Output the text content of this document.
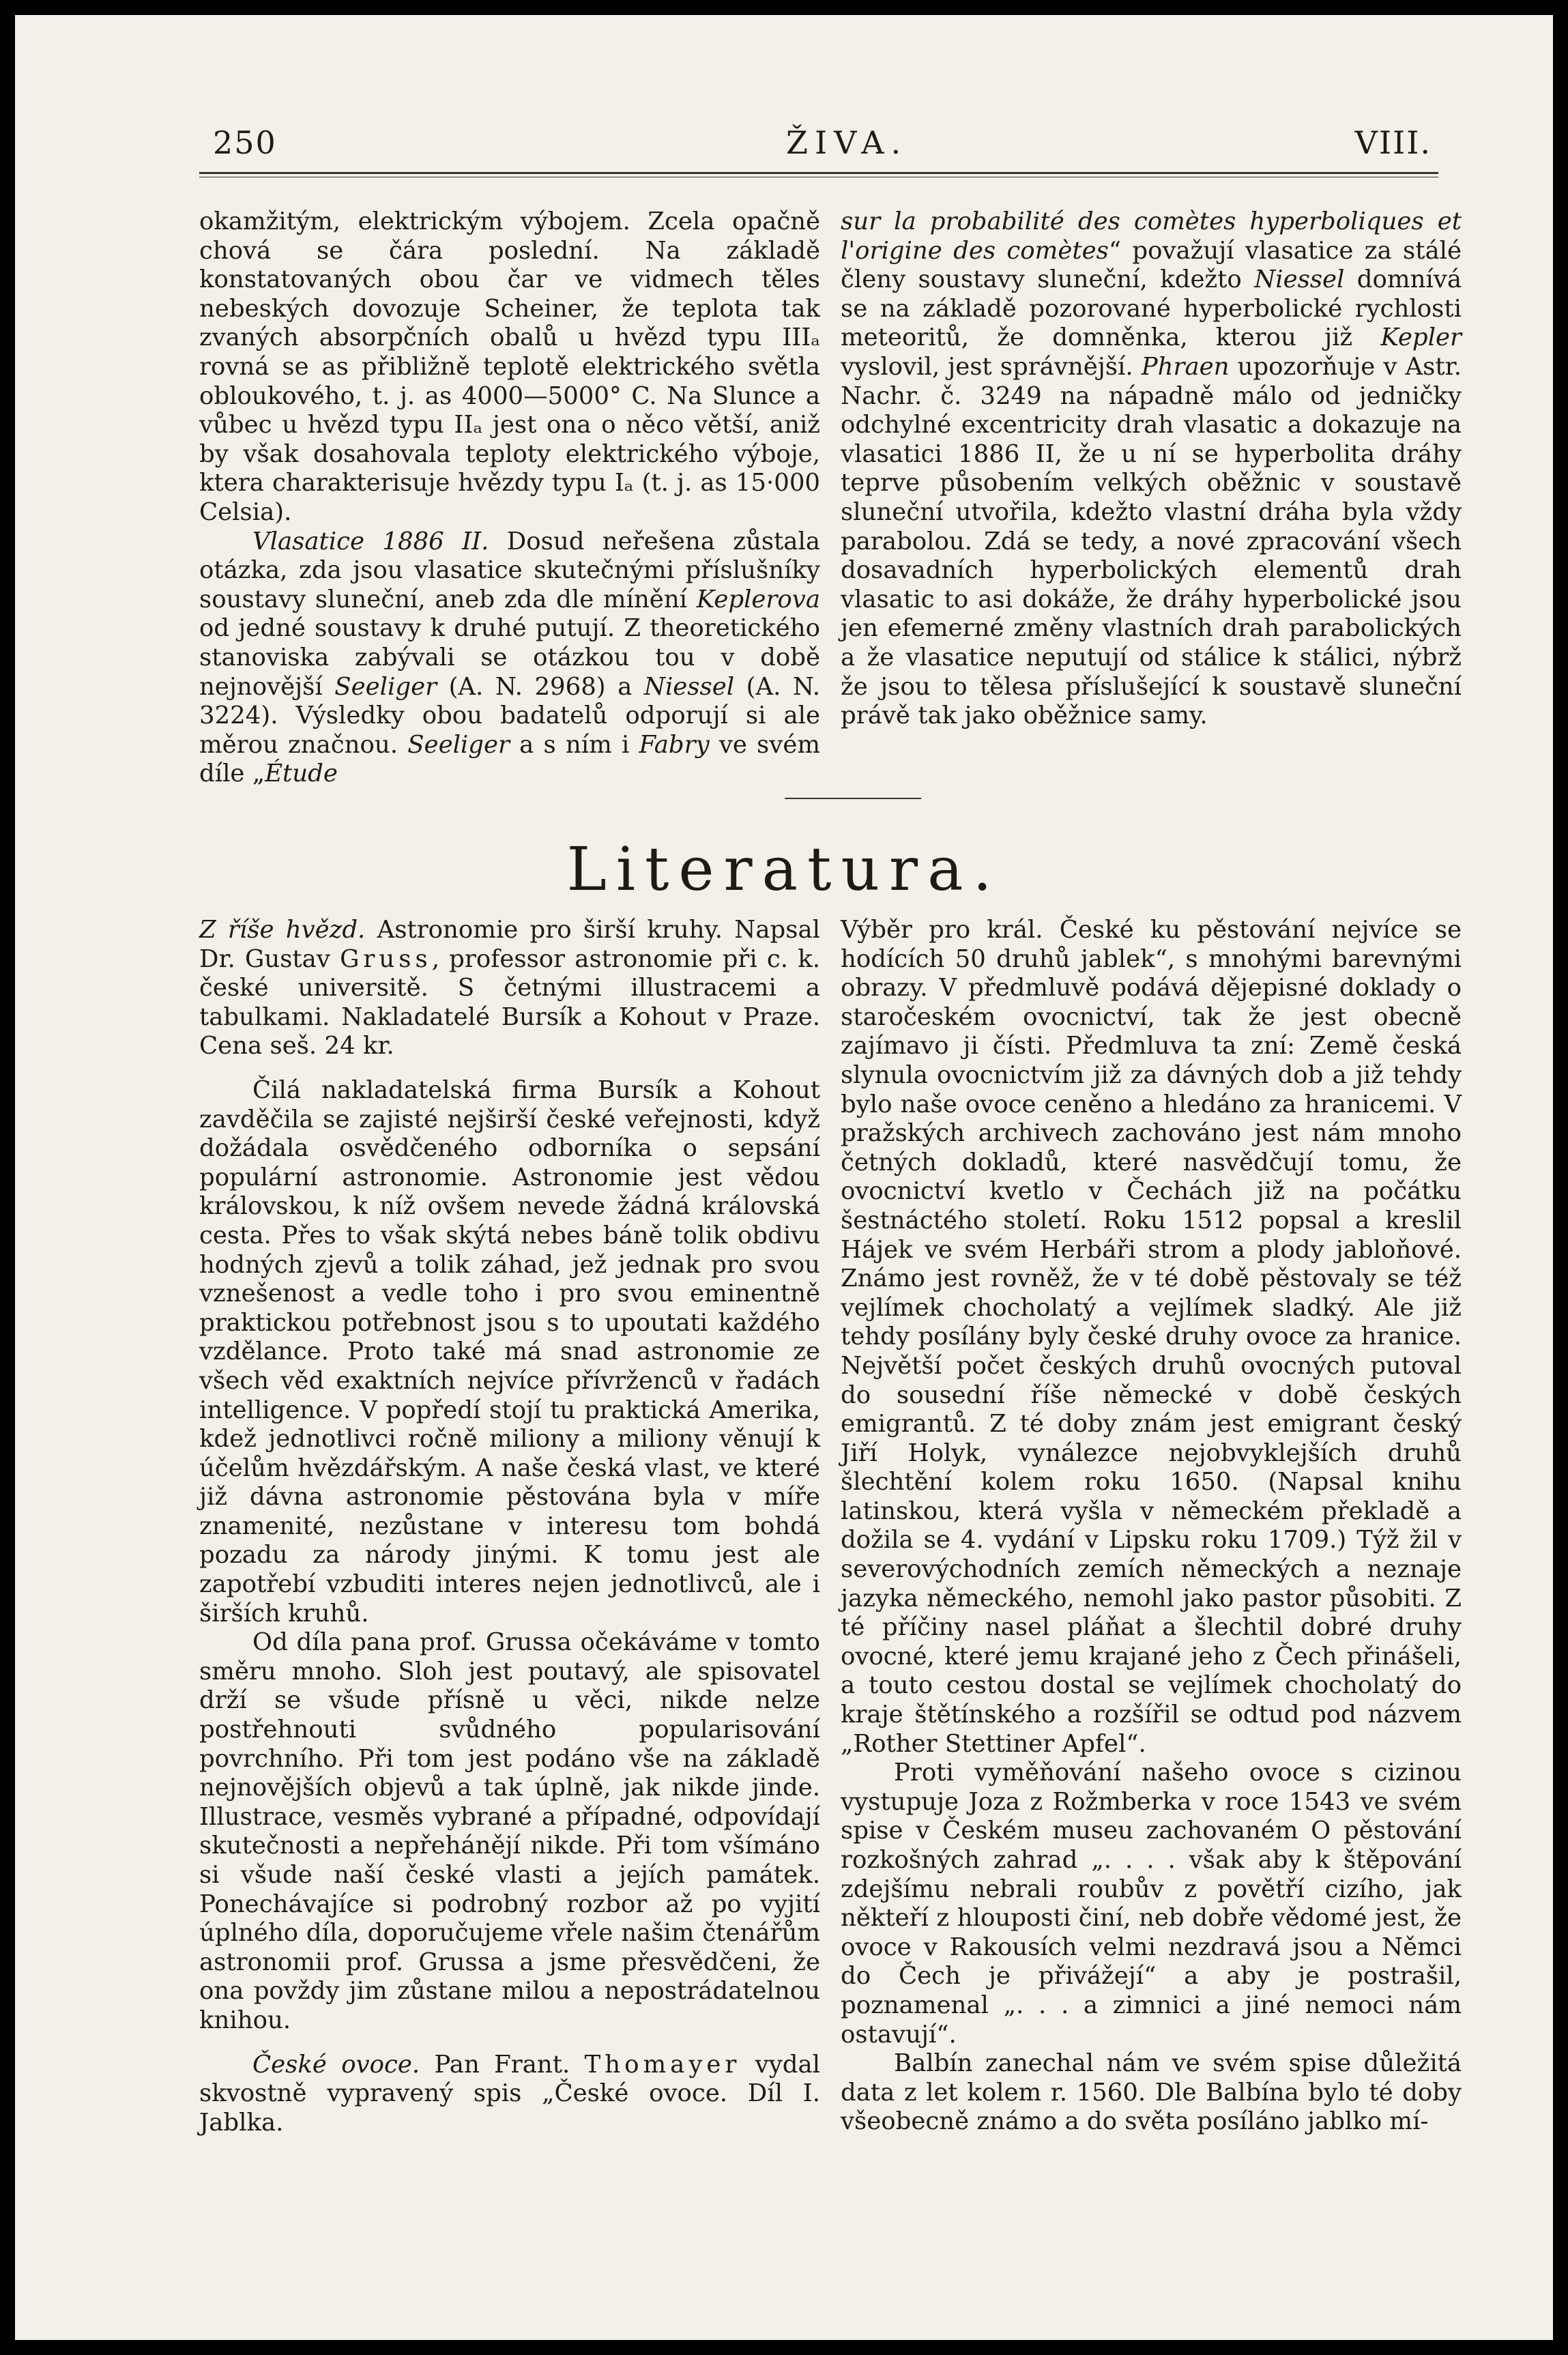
250	ŽIVA.	VIII.

okamžitým, elektrickým výbojem. Zcela opačně chová se čára poslední. Na základě konstatovaných obou čar ve vidmech těles nebeských dovozuje Scheiner, že teplota tak zvaných absorpčních obalů u hvězd typu IIIₐ rovná se as přibližně teplotě elektrického světla obloukového, t. j. as 4000—5000° C. Na Slunce a vůbec u hvězd typu IIₐ jest ona o něco větší, aniž by však dosahovala teploty elektrického výboje, ktera charakterisuje hvězdy typu Iₐ (t. j. as 15·000 Celsia).

Vlasatice 1886 II. Dosud neřešena zůstala otázka, zda jsou vlasatice skutečnými příslušníky soustavy sluneční, aneb zda dle mínění Keplerova od jedné soustavy k druhé putují. Z theoretického stanoviska zabývali se otázkou tou v době nejnovější Seeliger (A. N. 2968) a Niessel (A. N. 3224). Výsledky obou badatelů odporují si ale měrou značnou. Seeliger a s ním i Fabry ve svém díle „Étude

sur la probabilité des comètes hyperboliques et l'origine des comètes“ považují vlasatice za stálé členy soustavy sluneční, kdežto Niessel domnívá se na základě pozorované hyperbolické rychlosti meteoritů, že domněnka, kterou již Kepler vyslovil, jest správnější. Phraen upozorňuje v Astr. Nachr. č. 3249 na nápadně málo od jedničky odchylné excentricity drah vlasatic a dokazuje na vlasatici 1886 II, že u ní se hyperbolita dráhy teprve působením velkých oběžnic v soustavě sluneční utvořila, kdežto vlastní dráha byla vždy parabolou. Zdá se tedy, a nové zpracování všech dosavadních hyperbolických elementů drah vlasatic to asi dokáže, že dráhy hyperbolické jsou jen efemerné změny vlastních drah parabolických a že vlasatice neputují od stálice k stálici, nýbrž že jsou to tělesa příslušející k soustavě sluneční právě tak jako oběžnice samy.

Literatura.

Z říše hvězd. Astronomie pro širší kruhy. Napsal Dr. Gustav Gruss, professor astronomie při c. k. české universitě. S četnými illustracemi a tabulkami. Nakladatelé Bursík a Kohout v Praze. Cena seš. 24 kr.

Čilá nakladatelská firma Bursík a Kohout zavděčila se zajisté nejširší české veřejnosti, když dožádala osvědčeného odborníka o sepsání populární astronomie. Astronomie jest vědou královskou, k níž ovšem nevede žádná královská cesta. Přes to však skýtá nebes báně tolik obdivu hodných zjevů a tolik záhad, jež jednak pro svou vznešenost a vedle toho i pro svou eminentně praktickou potřebnost jsou s to upoutati každého vzdělance. Proto také má snad astronomie ze všech věd exaktních nejvíce přívrženců v řadách intelligence. V popředí stojí tu praktická Amerika, kdež jednotlivci ročně miliony a miliony věnují k účelům hvězdářským. A naše česká vlast, ve které již dávna astronomie pěstována byla v míře znamenité, nezůstane v interesu tom bohdá pozadu za národy jinými. K tomu jest ale zapotřebí vzbuditi interes nejen jednotlivců, ale i širších kruhů.

Od díla pana prof. Grussa očekáváme v tomto směru mnoho. Sloh jest poutavý, ale spisovatel drží se všude přísně u věci, nikde nelze postřehnouti svůdného popularisování povrchního. Při tom jest podáno vše na základě nejnovějších objevů a tak úplně, jak nikde jinde. Illustrace, vesměs vybrané a případné, odpovídají skutečnosti a nepřehánějí nikde. Při tom všímáno si všude naší české vlasti a jejích památek. Ponechávajíce si podrobný rozbor až po vyjití úplného díla, doporučujeme vřele našim čtenářům astronomii prof. Grussa a jsme přesvědčeni, že ona povždy jim zůstane milou a nepostrádatelnou knihou.

České ovoce. Pan Frant. Thomayer vydal skvostně vypravený spis „České ovoce. Díl I. Jablka.

Výběr pro král. České ku pěstování nejvíce se hodících 50 druhů jablek“, s mnohými barevnými obrazy. V předmluvě podává dějepisné doklady o staročeském ovocnictví, tak že jest obecně zajímavo ji čísti. Předmluva ta zní: Země česká slynula ovocnictvím již za dávných dob a již tehdy bylo naše ovoce ceněno a hledáno za hranicemi. V pražských archivech zachováno jest nám mnoho četných dokladů, které nasvědčují tomu, že ovocnictví kvetlo v Čechách již na počátku šestnáctého století. Roku 1512 popsal a kreslil Hájek ve svém Herbáři strom a plody jabloňové. Známo jest rovněž, že v té době pěstovaly se též vejlímek chocholatý a vejlímek sladký. Ale již tehdy posílány byly české druhy ovoce za hranice. Největší počet českých druhů ovocných putoval do sousední říše německé v době českých emigrantů. Z té doby znám jest emigrant český Jiří Holyk, vynálezce nejobvyklejších druhů šlechtění kolem roku 1650. (Napsal knihu latinskou, která vyšla v německém překladě a dožila se 4. vydání v Lipsku roku 1709.) Týž žil v severovýchodních zemích německých a neznaje jazyka německého, nemohl jako pastor působiti. Z té příčiny nasel pláňat a šlechtil dobré druhy ovocné, které jemu krajané jeho z Čech přinášeli, a touto cestou dostal se vejlímek chocholatý do kraje štětínského a rozšířil se odtud pod názvem „Rother Stettiner Apfel“.

Proti vyměňování našeho ovoce s cizinou vystupuje Joza z Rožmberka v roce 1543 ve svém spise v Českém museu zachovaném O pěstování rozkošných zahrad „. . . . však aby k štěpování zdejšímu nebrali roubův z povětří cizího, jak někteří z hlouposti činí, neb dobře vědomé jest, že ovoce v Rakousích velmi nezdravá jsou a Němci do Čech je přivážejí“ a aby je postrašil, poznamenal „. . . a zimnici a jiné nemoci nám ostavují“.

Balbín zanechal nám ve svém spise důležitá data z let kolem r. 1560. Dle Balbína bylo té doby všeobecně známo a do světa posíláno jablko mí-
